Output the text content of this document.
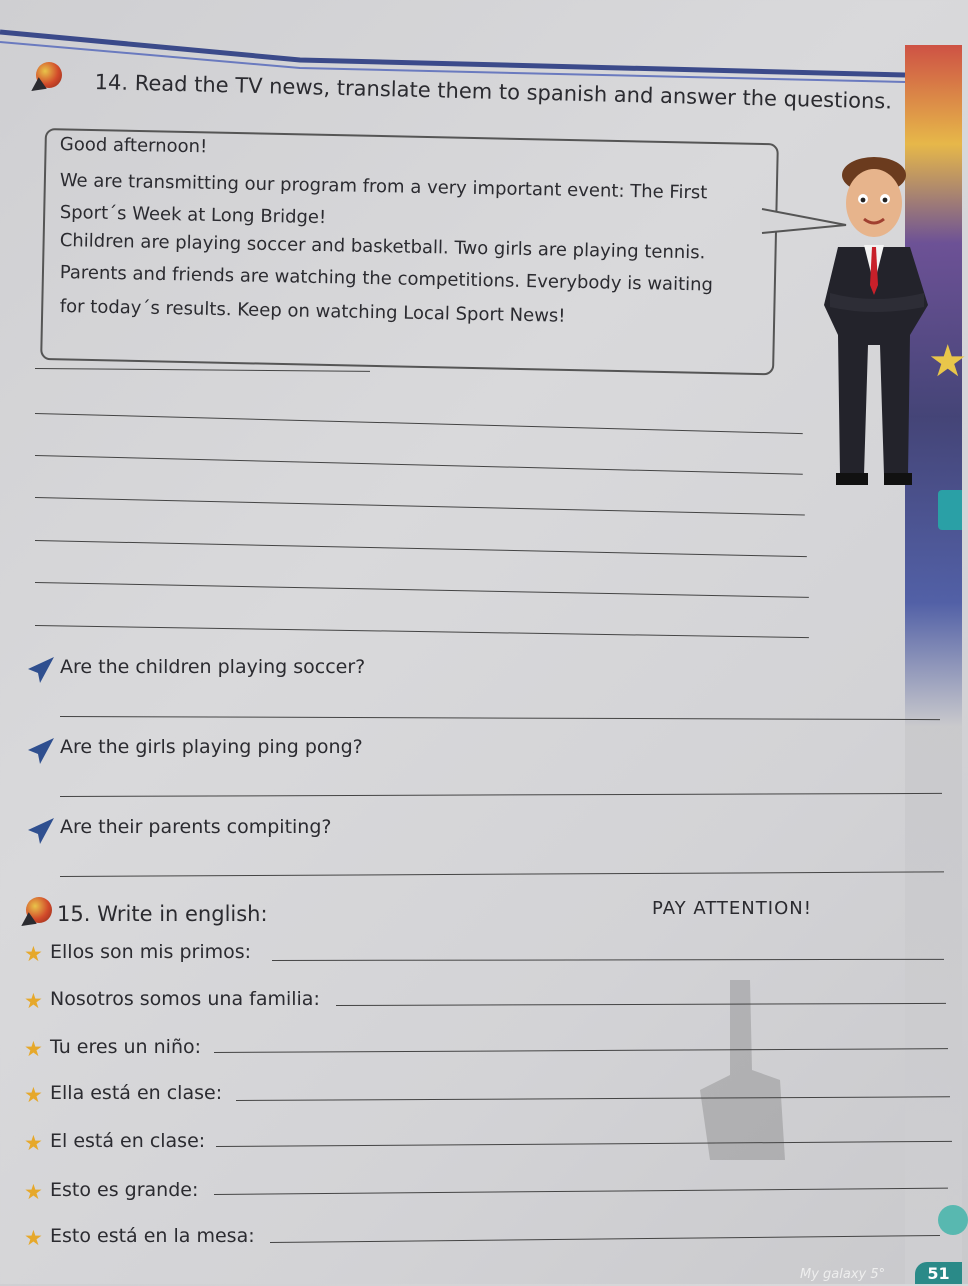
★
My galaxy 5°	51
14. Read the TV news, translate them to spanish and answer the questions.
Good afternoon!
We are transmitting our program from a very important event: The First
Sport´s Week at Long Bridge!
Children are playing soccer and basketball. Two girls are playing tennis.
Parents and friends are watching the competitions. Everybody is waiting
for today´s results. Keep on watching Local Sport News!
Are the children playing soccer?
Are the girls playing ping pong?
Are their parents compiting?
15. Write in english:	PAY ATTENTION!
★ Ellos son mis primos:
★ Nosotros somos una familia:
★ Tu eres un niño:
★ Ella está en clase:
★ El está en clase:
★ Esto es grande:
★ Esto está en la mesa:
